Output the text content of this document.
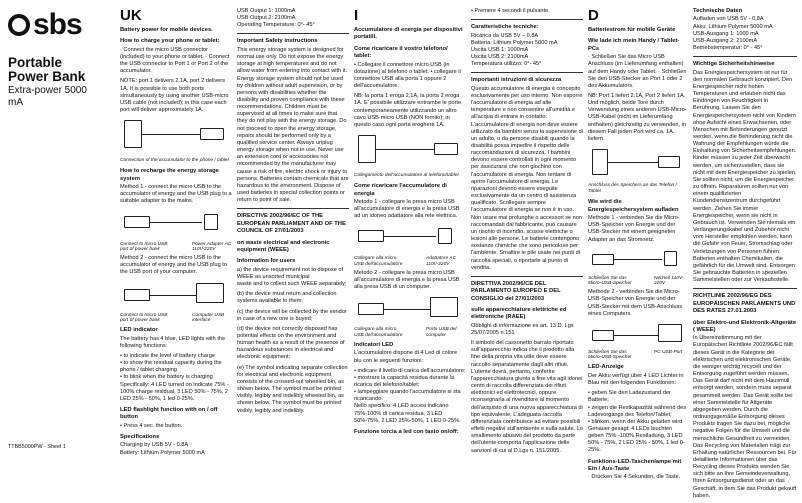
sbs
Portable
Power Bank
Extra-power 5000 mA
TTBB5000PW - Sheet 1
UK
Battery power for mobile devices.
How to charge your phone or tablet:

· Connect the micro USB connector (included) to your phone or tablet. · Connect the USB connector to Port 1 or Port 2 of the accumulator.

NOTE: port 1 delivers 2.1A, port 2 delivers 1A. It is possible to use both ports simultaneously by using another USB-micro USB cable (not included); in this case each port will deliver approximately 1A.

Connection of the accumulator to the phone / tablet

How to recharge the energy storage system

Method 1 - connect the micro USB to the accumulator of energy and the USB plug to a suitable adapter to the mains.

Connect to micro USB port of power bank
Power Adapter AC 110V-220V

Method 2 - connect the micro USB to the accumulator of energy and the USB plug to the USB port of your computer.

Connect to micro USB port of power bank
Computer USB interface
LED indicator

The battery has 4 blue, LED lights with the following functions:

• to indicate the level of battery charge
• to show the residual capacity during the phone / tablet charging
• to blink when the battery is charging

Specifically: 4 LED turned on indicate 75% - 100% charge residual, 3 LED 50% - 75%, 2 LED 25% - 50%, 1 led 0-25%.

LED flashlight function with on / off button

• Press 4 sec. the button.

Specifications
Charging by USB 5V - 0.8A
Battery: Lithium Polymer 5000 mA
USB Output 1: 1000mA
USB Output 2: 2100mA
Operating Temperature: 0°- 45°
Important Safety instructions

This energy storage system is designed for normal use only. Do not expose the energy storage at high temperatures and do not allow water from entering into contact with it. Energy storage system should not be used by children without adult supervision, or by persons with disabilities whether the disability and proven compliance with these recommendations. Children must be supervised at all times to make sure that they do not play with the energy storage. Do not proceed to open the energy storage, repairs should be performed only by a qualified service center. Always unplug energy storage when not in use. Never use an extension cord or accessories not recommended by the manufacturer may cause a risk of fire, electric shock or injury to persons. Batteries contain chemicals that are hazardous to the environment. Dispose of used batteries in special collection points or return to point of sale.

DIRECTIVE 2002/96/EC OF THE EUROPEAN PARLIAMENT AND OF THE COUNCIL OF 27/01/2003
on waste electrical and electronic equipment (WEEE)
Information for users
a) the device requirement not to dispose of WEEE as unsorted municipal

waste and to collect such WEEE separately;

(b) the device must return and collection systems available to them;

(c) the device will be collected by the vendor in case of a new one is buyed;

(d) the device not correctly disposed has potential effects on the environment and human health as a result of the presence of hazardous substances in electrical and electronic equipment;

(e) The symbol indicating separate collection for electrical and electronic equipment consists of the crossed-out wheeled bin, as shown below. The symbol must be printed visibly, legibly and indelibly wheeled bin, as shown below. The symbol must be printed visibly, legibly and indelibly.

I
Accumulatore di energia per dispositivi portatili.
Come ricaricare il vostro telefono/ tablet:

• Collegare il connettore micro USB (in dotazione) al telefono o tablet. • collegare il connettore USB alla porta 1 oppure 2 dell'accumulatore.

NB: la porta 1 eroga 2,1A, la porta 2 eroga 1A. E' possibile utilizzare entrambe le porte contemporaneamente utilizzando un altro cavo USB-micro USB (NON fornito); in questo caso ogni porta erogherà 1A.

Collegamento dell'accumulatore al telefono/tablet

Come ricaricare l'accumulatore di energia

Metodo 1 - collegare la presa micro USB all'accumulatore di energia e la presa USB ad un idoneo adattatore alla rete elettrica.

Collegare alla micro USB dell'accumulatore
Adattatore AC 110V-220V

Metodo 2 - collegare la presa micro USB all'accumulatore di energia e la presa USB alla presa USB di un computer.

Collegare alla micro USB dell'accumulatore
Porta USB del computer
Indicatori LED

L'accumulatore dispone di 4 Led di colore blu con le seguenti funzioni:

• indicare il livello di carica dell'accumulatore;
• mostrare la capacità residua durante la ricarica del telefono/tablet;
• lampeggiare quando l'accumulatore si sta ricaricando.

Nello specifico: 4 LED accesi indicano 75%-100% di carica residua, 3 LED 50%-75%, 2 LED 25%-50%, 1 LED 0-25%.

Funzione torcia a led con tasto on/off:

• Premere 4 secondi il pulsante.

Caratteristiche tecniche:
Ricarica da USB 5V – 0,8A
Batteria: Lithium Polymer 5000 mA
Uscita USB 1: 1000mA
Uscita USB 2: 2100mA
Temperatura utilizzo: 0°- 45°
Importanti istruzioni di sicurezza

Questo accumulatore di energia è concepito esclusivamente per uso interno. Non esporre l'accumulatore di energia ad alte temperature e non consentire all'umidità e all'acqua di entrare in contatto. L'accumulatore di energia non deve essere utilizzato da bambini senza la supervisione di un adulto, o da persone disabili quando la disabilità possa impedire il rispetto delle raccomandazioni di sicurezza. I bambini devono essere controllati in ogni momento per assicurarsi che non giochino con l'accumulatore di energia. Non tentare di aprire l'accumulatore di energia. Le riparazioni devono essere eseguite esclusivamente da un centro di assistenza qualificato. Scollegare sempre l'accumulatore di energia se non è in uso. Non usare mai prolunghe o accessori se non raccomandati dal fabbricante, può causare un rischio di incendio, scosse elettriche o lesioni alle persone. Le batterie contengono sostanze chimiche che sono pericolose per l'ambiente. Smaltire le pile usate nei punti di raccolta speciali, o riportarle al punto di vendita.

DIRETTIVA 2002/96/CE DEL PARLAMENTO EUROPEO E DEL CONSIGLIO del 27/01/2003
sulle apparecchiature elettriche ed elettroniche (RAEE)

Obblighi di informazione ex art. 13 D. Lgs 25/07/2005 n.151

Il simbolo del cassonetto barrato riportato sull'apparecchio indica che il prodotto alla fine della propria vita utile deve essere raccolto separatamente dagli altri rifiuti. L'utente dovrà, pertanto, conferire l'apparecchiatura giunta a fine vita agli idonei centri di raccolta differenziata dei rifiuti elettronici ed elettrotecnici, oppure riconsegnarla al rivenditore al momento dell'acquisto di una nuova apparecchiatura di tipo equivalente. L'adeguata raccolta differenziata contribuisce ad evitare possibili effetti negativi sull'ambiente e sulla salute. Lo smaltimento abusivo del prodotto da parte dell'utente comporta l'applicazione delle sanzioni di cui al D.Lgs n. 151/2005.

D
Batteriestrom für mobile Geräte
Wie lade ich mein Handy / Tablet-PCs

· Schließen Sie das Micro USB Anschluss (im Lieferumfang enthalten) auf dem Handy oder Tablet. · Schließen Sie den USB-Stecker an Port 1 oder 2 des Akkumulators.

NB: Port 1 liefert 2,1A, Port 2 liefert 1A. Und möglich, beide Tore durch Verwendung eines anderen USB-Micro-USB-Kabel (nicht im Lieferumfang enthalten) gleichzeitig zu verwenden, in diesem Fall jeden Port wird ca. 1A. liefern.

Anschluss des Speichers an das Telefon / Tablet

Wie wird die Energiespeichersystem aufladen

Methode 1 - verbinden Sie die Micro-USB-Speicher von Energie und der USB-Stecker mit einem geeigneten Adapter an das Stromnetz.

Schließen Sie das Micro-USB-Speicher
Netzteil 110V-220V

Methode 2 - verbinden Sie die Micro-USB-Speicher von Energie und der USB-Stecker mit dem USB-Anschluss eines Computers.

Schließen Sie das Micro-USB-Speicher
PC USB-Port
LED-Anzeige

Der Akku verfügt über 4 LED Lichter in Blau mit den folgenden Funktionen:

• geben Sie den Ladezustand der Batterie;
• zeigen die Restkapazität während des Ladevorgangs des Telefon/Tablet;
• blinken, wenn der Akku geladen wird

Genauer gesagt: 4 LEDs leuchten geben 75% -100% Restladung, 3 LED 50% - 75%, 2 LED 25% - 50%, 1 led 0-25%.

Funktions-LED-Taschenlampe mit Ein / Aus-Taste

· Drücken Sie 4 Sekunden, die Taste.

Technische Daten
Aufladen von USB 5V - 0,8A
Akku: Lithium Polymer 5000 mA
USB-Ausgang 1: 1000 mA
USB-Ausgang 2: 2100mA
Betriebstemperatur: 0° - 45°
Wichtige Sicherheitshinweise

Das Energiespeichersystem ist nur für den normalen Gebrauch konzipiert. Den Energiespeicher nicht hohen Temperaturen und erlauben nicht das Eindringen von Feuchtigkeit in Berührung. Lassen Sie den Energiespeichersystem nicht von Kindern ohne Aufsicht eines Erwachsenen, oder Menschen mit Behinderungen genutzt werden, wenn die Behinderung nicht die Wahrung der Empfehlungen würde die Einhaltung von Sicherheitsempfehlungen. Kinder müssen zu jeder Zeit überwacht werden, um sicherzustellen, dass sie nicht mit dem Energiespeicher zu spielen. Sie sollten nicht, um die Energiespeicher zu öffnen. Reparaturen sollten nur von einem qualifizierten Kundendienstzentrum durchgeführt werden. Ziehen Sie immer Energiespeicher, wenn sie nicht in Gebrauch ist. Verwenden Sie niemals ein Verlängerungskabel und Zubehör nicht vom Hersteller empfohlen werden, kann die Gefahr von Feuer, Stromschlag oder Verletzungen von Personen führen. Batterien enthalten Chemikalien, die gefährlich für die Umwelt sind. Entsorgen Sie gebrauchte Batterien in speziellen Sammelstellen oder zur Verkaufsstelle.

RICHTLINIE 2002/96/EG DES EUROPÄISCHEN PARLAMENTS UND DES RATES 27.01.2003
über Elektro-und Elektronik-Altgeräte ( WEEE)

In Übereinstimmung mit der Europäischen Richtlinie 2002/96/EC fällt dieses Gerät in die Kategorie der elektrischen und elektronischen Geräte, die weniger wichtig recycelt und der Entsorgung zugeführt werden müssen. Das Gerät darf nicht mit dem Hausmüll entsorgt werden, sondern muss separat gesammelt werden. Das Gerät sollte bei einer Sammelstelle für Altgeräte abgegeben werden. Durch die ordnungsgemäße Entsorgung dieses Produkts tragen Sie dazu bei, mögliche negative Folgen für die Umwelt und die menschliche Gesundheit zu vermeiden. Das Recycling von Materialien trägt zur Erhaltung natürlicher Ressourcen bei. Für detaillierte Informationen über das Recycling dieses Produkts wenden Sie sich bitte an Ihre Gemeindeverwaltung, Ihren Entsorgungsdienst oder an das Geschäft, in dem Sie das Produkt gekauft haben.
